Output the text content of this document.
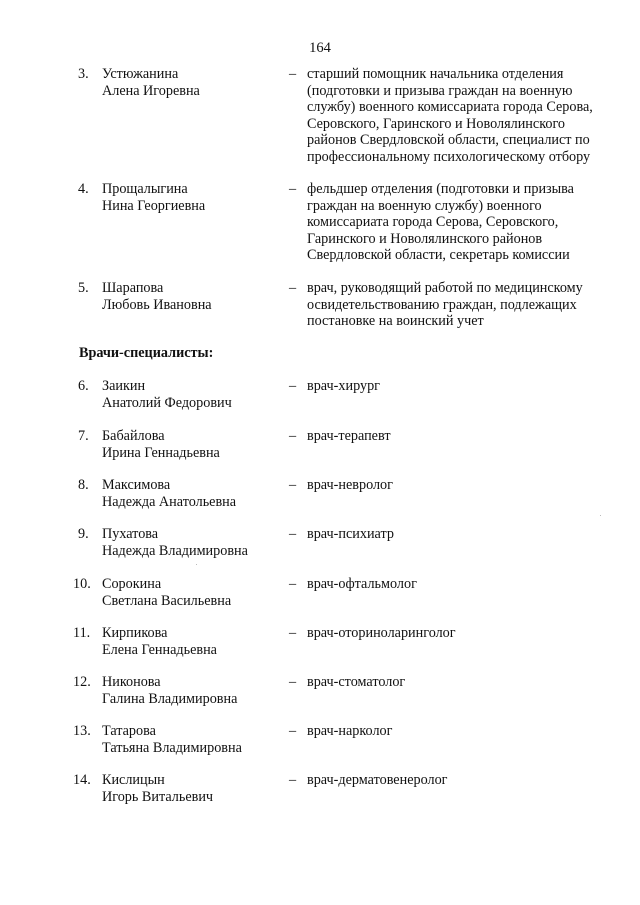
164
3. Устюжанина
Алена Игоревна
– старший помощник начальника отделения
(подготовки и призыва граждан на военную
службу) военного комиссариата города Серова,
Серовского, Гаринского и Новолялинского
районов Свердловской области, специалист по
профессиональному психологическому отбору
4. Прощалыгина
Нина Георгиевна
– фельдшер отделения (подготовки и призыва
граждан на военную службу) военного
комиссариата города Серова, Серовского,
Гаринского и Новолялинского районов
Свердловской области, секретарь комиссии
5. Шарапова
Любовь Ивановна
– врач, руководящий работой по медицинскому
освидетельствованию граждан, подлежащих
постановке на воинский учет
Врачи-специалисты:
6. Заикин
Анатолий Федорович
– врач-хирург
7. Бабайлова
Ирина Геннадьевна
– врач-терапевт
8. Максимова
Надежда Анатольевна
– врач-невролог
9. Пухатова
Надежда Владимировна
– врач-психиатр
10. Сорокина
Светлана Васильевна
– врач-офтальмолог
11. Кирпикова
Елена Геннадьевна
– врач-оториноларинголог
12. Никонова
Галина Владимировна
– врач-стоматолог
13. Татарова
Татьяна Владимировна
– врач-нарколог
14. Кислицын
Игорь Витальевич
– врач-дерматовенеролог
